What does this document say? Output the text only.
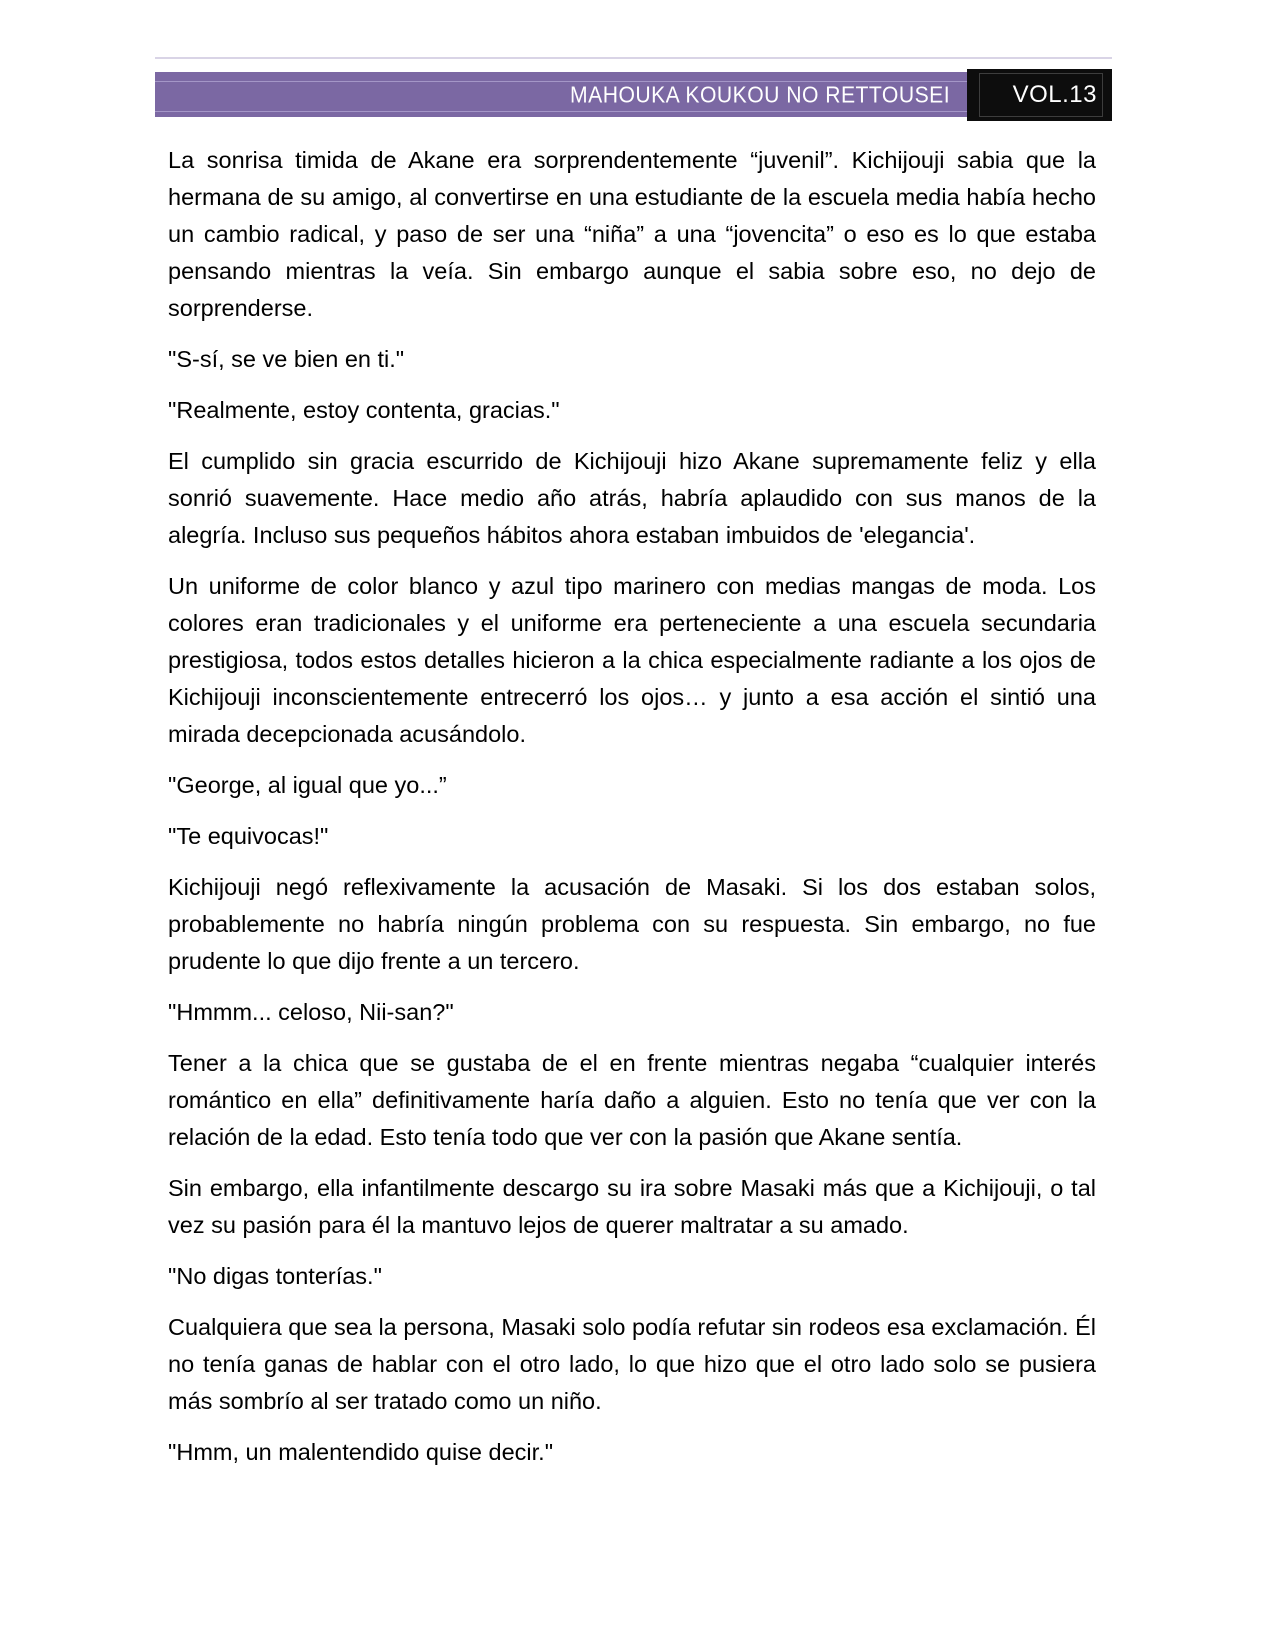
MAHOUKA KOUKOU NO RETTOUSEI	VOL.13

La sonrisa timida de Akane era sorprendentemente “juvenil”. Kichijouji sabia que la hermana de su amigo, al convertirse en una estudiante de la escuela media había hecho un cambio radical, y paso de ser una “niña” a una “jovencita” o eso es lo que estaba pensando mientras la veía. Sin embargo aunque el sabia sobre eso, no dejo de sorprenderse.

"S-sí, se ve bien en ti."

"Realmente, estoy contenta, gracias."

El cumplido sin gracia escurrido de Kichijouji hizo Akane supremamente feliz y ella sonrió suavemente. Hace medio año atrás, habría aplaudido con sus manos de la alegría. Incluso sus pequeños hábitos ahora estaban imbuidos de 'elegancia'.

Un uniforme de color blanco y azul tipo marinero con medias mangas de moda. Los colores eran tradicionales y el uniforme era perteneciente a una escuela secundaria prestigiosa, todos estos detalles hicieron a la chica especialmente radiante a los ojos de Kichijouji inconscientemente entrecerró los ojos… y junto a esa acción el sintió una mirada decepcionada acusándolo.

"George, al igual que yo...”

"Te equivocas!"

Kichijouji negó reflexivamente la acusación de Masaki. Si los dos estaban solos, probablemente no habría ningún problema con su respuesta. Sin embargo, no fue prudente lo que dijo frente a un tercero.

"Hmmm... celoso, Nii-san?"

Tener a la chica que se gustaba de el en frente mientras negaba “cualquier interés romántico en ella” definitivamente haría daño a alguien. Esto no tenía que ver con la relación de la edad. Esto tenía todo que ver con la pasión que Akane sentía.

Sin embargo, ella infantilmente descargo su ira sobre Masaki más que a Kichijouji, o tal vez su pasión para él la mantuvo lejos de querer maltratar a su amado.

"No digas tonterías."

Cualquiera que sea la persona, Masaki solo podía refutar sin rodeos esa exclamación. Él no tenía ganas de hablar con el otro lado, lo que hizo que el otro lado solo se pusiera más sombrío al ser tratado como un niño.

"Hmm, un malentendido quise decir."
